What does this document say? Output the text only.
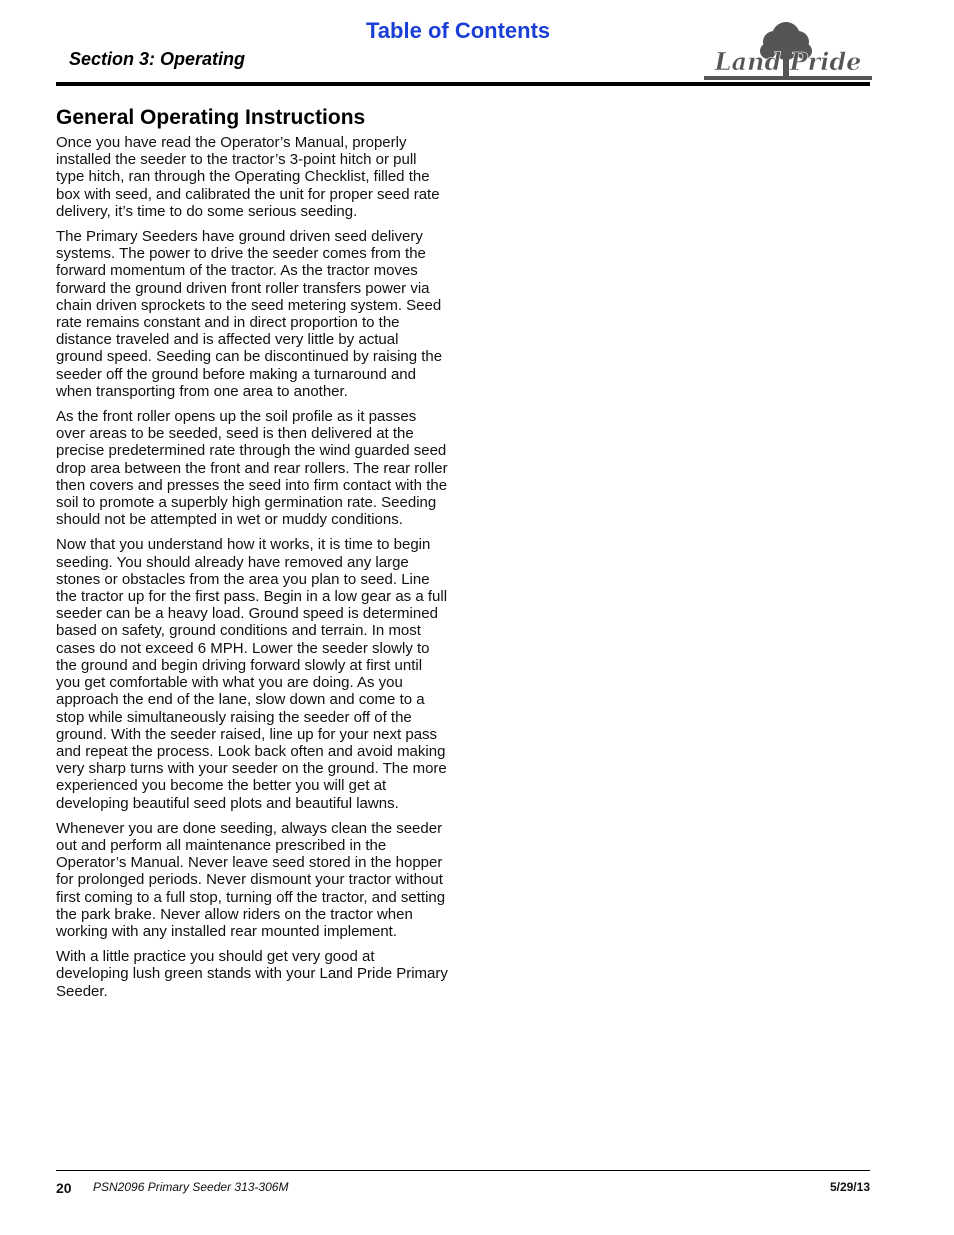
Table of Contents
Section 3: Operating	Land Pride
General Operating Instructions

Once you have read the Operator’s Manual, properly installed the seeder to the tractor’s 3-point hitch or pull type hitch, ran through the Operating Checklist, filled the box with seed, and calibrated the unit for proper seed rate delivery, it’s time to do some serious seeding.

The Primary Seeders have ground driven seed delivery systems. The power to drive the seeder comes from the forward momentum of the tractor. As the tractor moves forward the ground driven front roller transfers power via chain driven sprockets to the seed metering system. Seed rate remains constant and in direct proportion to the distance traveled and is affected very little by actual ground speed. Seeding can be discontinued by raising the seeder off the ground before making a turnaround and when transporting from one area to another.

As the front roller opens up the soil profile as it passes over areas to be seeded, seed is then delivered at the precise predetermined rate through the wind guarded seed drop area between the front and rear rollers. The rear roller then covers and presses the seed into firm contact with the soil to promote a superbly high germination rate. Seeding should not be attempted in wet or muddy conditions.

Now that you understand how it works, it is time to begin seeding. You should already have removed any large stones or obstacles from the area you plan to seed. Line the tractor up for the first pass. Begin in a low gear as a full seeder can be a heavy load. Ground speed is determined based on safety, ground conditions and terrain. In most cases do not exceed 6 MPH. Lower the seeder slowly to the ground and begin driving forward slowly at first until you get comfortable with what you are doing. As you approach the end of the lane, slow down and come to a stop while simultaneously raising the seeder off of the ground. With the seeder raised, line up for your next pass and repeat the process. Look back often and avoid making very sharp turns with your seeder on the ground. The more experienced you become the better you will get at developing beautiful seed plots and beautiful lawns.

Whenever you are done seeding, always clean the seeder out and perform all maintenance prescribed in the Operator’s Manual. Never leave seed stored in the hopper for prolonged periods. Never dismount your tractor without first coming to a full stop, turning off the tractor, and setting the park brake. Never allow riders on the tractor when working with any installed rear mounted implement.

With a little practice you should get very good at developing lush green stands with your Land Pride Primary Seeder.

20 PSN2096 Primary Seeder 313-306M	5/29/13
